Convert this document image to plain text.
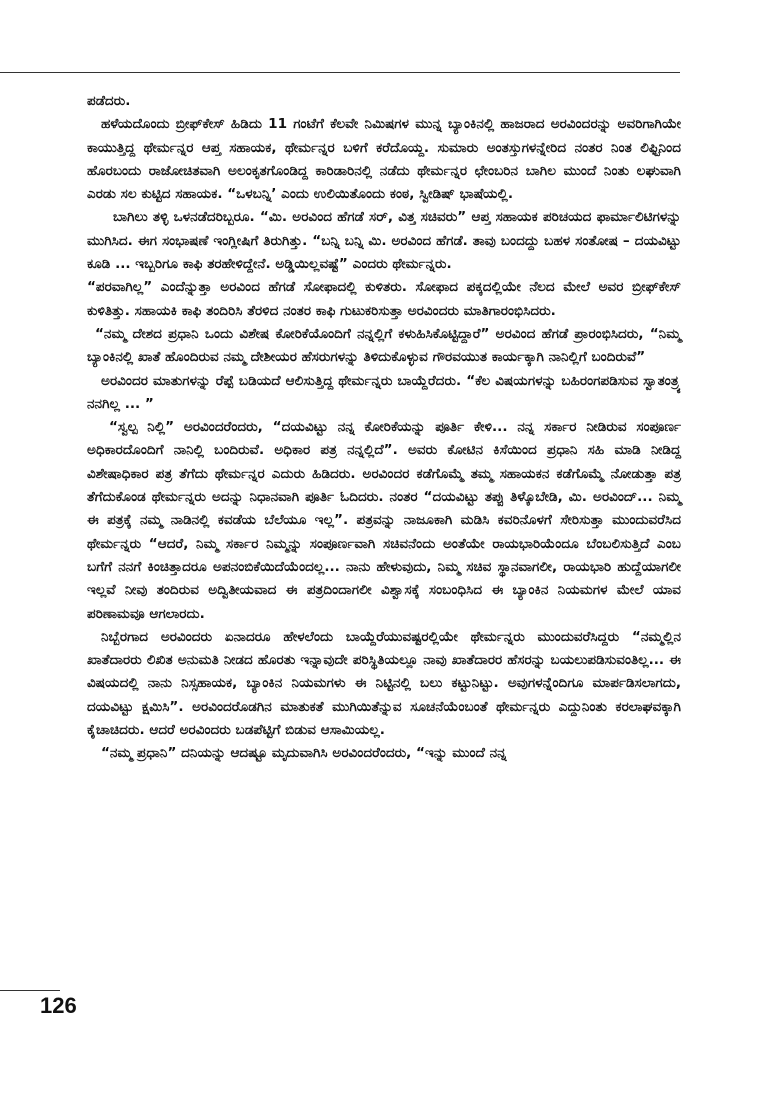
ಪಡೆದರು.

ಹಳೆಯದೊಂದು ಬ್ರೀಫ್‌ಕೇಸ್ ಹಿಡಿದು 11 ಗಂಟೆಗೆ ಕೆಲವೇ ನಿಮಿಷಗಳ ಮುನ್ನ ಬ್ಯಾಂಕಿನಲ್ಲಿ ಹಾಜರಾದ ಅರವಿಂದರನ್ನು ಅವರಿಗಾಗಿಯೇ ಕಾಯುತ್ತಿದ್ದ ಥೇರ್ಮನ್ನರ ಆಪ್ತ ಸಹಾಯಕ, ಥೇರ್ಮನ್ನರ ಬಳಿಗೆ ಕರೆದೊಯ್ದ. ಸುಮಾರು ಅಂತಸ್ತುಗಳನ್ನೇರಿದ ನಂತರ ನಿಂತ ಲಿಫ್ಟಿನಿಂದ ಹೊರಬಂದು ರಾಜೋಚಿತವಾಗಿ ಅಲಂಕೃತಗೊಂಡಿದ್ದ ಕಾರಿಡಾರಿನಲ್ಲಿ ನಡೆದು ಥೇರ್ಮನ್ನರ ಛೇಂಬರಿನ ಬಾಗಿಲ ಮುಂದೆ ನಿಂತು ಲಘುವಾಗಿ ಎರಡು ಸಲ ಕುಟ್ಟಿದ ಸಹಾಯಕ. “ಒಳಬನ್ನಿ’ ಎಂದು ಉಲಿಯಿತೊಂದು ಕಂಠ, ಸ್ವೀಡಿಷ್ ಭಾಷೆಯಲ್ಲಿ.

ಬಾಗಿಲು ತಳ್ಳಿ ಒಳನಡೆದರಿಬ್ಬರೂ. “ಮಿ. ಅರವಿಂದ ಹೆಗಡೆ ಸರ್, ವಿತ್ತ ಸಚಿವರು” ಆಪ್ತ ಸಹಾಯಕ ಪರಿಚಯದ ಫಾರ್ಮಾಲಿಟಿಗಳನ್ನು ಮುಗಿಸಿದ. ಈಗ ಸಂಭಾಷಣೆ ಇಂಗ್ಲೀಷಿಗೆ ತಿರುಗಿತ್ತು. “ಬನ್ನಿ ಬನ್ನಿ ಮಿ. ಅರವಿಂದ ಹೆಗಡೆ. ತಾವು ಬಂದದ್ದು ಬಹಳ ಸಂತೋಷ – ದಯವಿಟ್ಟು ಕೂಡಿ ... ಇಬ್ಬರಿಗೂ ಕಾಫಿ ತರಹೇಳಿದ್ದೇನೆ. ಅಡ್ಡಿಯಿಲ್ಲವಷ್ಟೆ” ಎಂದರು ಥೇರ್ಮನ್ನರು.

“ಪರವಾಗಿಲ್ಲ” ಎಂದೆನ್ನುತ್ತಾ ಅರವಿಂದ ಹೆಗಡೆ ಸೋಫಾದಲ್ಲಿ ಕುಳಿತರು. ಸೋಫಾದ ಪಕ್ಕದಲ್ಲಿಯೇ ನೆಲದ ಮೇಲೆ ಅವರ ಬ್ರೀಫ್‌ಕೇಸ್ ಕುಳಿತಿತ್ತು. ಸಹಾಯಕಿ ಕಾಫಿ ತಂದಿರಿಸಿ ತೆರಳಿದ ನಂತರ ಕಾಫಿ ಗುಟುಕರಿಸುತ್ತಾ ಅರವಿಂದರು ಮಾತಿಗಾರಂಭಿಸಿದರು.

“ನಮ್ಮ ದೇಶದ ಪ್ರಧಾನಿ ಒಂದು ವಿಶೇಷ ಕೋರಿಕೆಯೊಂದಿಗೆ ನನ್ನಲ್ಲಿಗೆ ಕಳುಹಿಸಿಕೊಟ್ಟಿದ್ದಾರೆ” ಅರವಿಂದ ಹೆಗಡೆ ಪ್ರಾರಂಭಿಸಿದರು, “ನಿಮ್ಮ ಬ್ಯಾಂಕಿನಲ್ಲಿ ಖಾತೆ ಹೊಂದಿರುವ ನಮ್ಮ ದೇಶೀಯರ ಹೆಸರುಗಳನ್ನು ತಿಳಿದುಕೊಳ್ಳುವ ಗೌರವಯುತ ಕಾರ್ಯಕ್ಕಾಗಿ ನಾನಿಲ್ಲಿಗೆ ಬಂದಿರುವೆ”

ಅರವಿಂದರ ಮಾತುಗಳನ್ನು ರೆಪ್ಪೆ ಬಡಿಯದೆ ಆಲಿಸುತ್ತಿದ್ದ ಥೇರ್ಮನ್ನರು ಬಾಯ್ದೆರೆದರು. “ಕೆಲ ವಿಷಯಗಳನ್ನು ಬಹಿರಂಗಪಡಿಸುವ ಸ್ವಾತಂತ್ರ್ಯ ನನಗಿಲ್ಲ ... ”

“ಸ್ವಲ್ಪ ನಿಲ್ಲಿ” ಅರವಿಂದರೆಂದರು, “ದಯವಿಟ್ಟು ನನ್ನ ಕೋರಿಕೆಯನ್ನು ಪೂರ್ತಿ ಕೇಳಿ... ನನ್ನ ಸರ್ಕಾರ ನೀಡಿರುವ ಸಂಪೂರ್ಣ ಅಧಿಕಾರದೊಂದಿಗೆ ನಾನಿಲ್ಲಿ ಬಂದಿರುವೆ. ಅಧಿಕಾರ ಪತ್ರ ನನ್ನಲ್ಲಿದೆ”. ಅವರು ಕೋಟಿನ ಕಿಸೆಯಿಂದ ಪ್ರಧಾನಿ ಸಹಿ ಮಾಡಿ ನೀಡಿದ್ದ ವಿಶೇಷಾಧಿಕಾರ ಪತ್ರ ತೆಗೆದು ಥೇರ್ಮನ್ನರ ಎದುರು ಹಿಡಿದರು. ಅರವಿಂದರ ಕಡೆಗೊಮ್ಮೆ ತಮ್ಮ ಸಹಾಯಕನ ಕಡೆಗೊಮ್ಮೆ ನೋಡುತ್ತಾ ಪತ್ರ ತೆಗೆದುಕೊಂಡ ಥೇರ್ಮನ್ನರು ಅದನ್ನು ನಿಧಾನವಾಗಿ ಪೂರ್ತಿ ಓದಿದರು. ನಂತರ “ದಯವಿಟ್ಟು ತಪ್ಪು ತಿಳ್ಕೊಬೇಡಿ, ಮಿ. ಅರವಿಂದ್... ನಿಮ್ಮ ಈ ಪತ್ರಕ್ಕೆ ನಮ್ಮ ನಾಡಿನಲ್ಲಿ ಕವಡೆಯ ಬೆಲೆಯೂ ಇಲ್ಲ”. ಪತ್ರವನ್ನು ನಾಜೂಕಾಗಿ ಮಡಿಸಿ ಕವರಿನೊಳಗೆ ಸೇರಿಸುತ್ತಾ ಮುಂದುವರೆಸಿದ ಥೇರ್ಮನ್ನರು “ಆದರೆ, ನಿಮ್ಮ ಸರ್ಕಾರ ನಿಮ್ಮನ್ನು ಸಂಪೂರ್ಣವಾಗಿ ಸಚಿವನೆಂದು ಅಂತೆಯೇ ರಾಯಭಾರಿಯೆಂದೂ ಬೆಂಬಲಿಸುತ್ತಿದೆ ಎಂಬ ಬಗೆಗೆ ನನಗೆ ಕಿಂಚಿತ್ತಾದರೂ ಅಪನಂಬಿಕೆಯಿದೆಯೆಂದಲ್ಲ... ನಾನು ಹೇಳುವುದು, ನಿಮ್ಮ ಸಚಿವ ಸ್ಥಾನವಾಗಲೀ, ರಾಯಭಾರಿ ಹುದ್ದೆಯಾಗಲೀ ಇಲ್ಲವೆ ನೀವು ತಂದಿರುವ ಅದ್ವಿತೀಯವಾದ ಈ ಪತ್ರದಿಂದಾಗಲೀ ವಿಶ್ವಾಸಕ್ಕೆ ಸಂಬಂಧಿಸಿದ ಈ ಬ್ಯಾಂಕಿನ ನಿಯಮಗಳ ಮೇಲೆ ಯಾವ ಪರಿಣಾಮವೂ ಆಗಲಾರದು.

ನಿಬ್ಬೆರಗಾದ ಅರವಿಂದರು ಏನಾದರೂ ಹೇಳಲೆಂದು ಬಾಯ್ದೆರೆಯುವಷ್ಟರಲ್ಲಿಯೇ ಥೇರ್ಮನ್ನರು ಮುಂದುವರೆಸಿದ್ದರು “ನಮ್ಮಲ್ಲಿನ ಖಾತೆದಾರರು ಲಿಖಿತ ಅನುಮತಿ ನೀಡದ ಹೊರತು ಇನ್ನಾವುದೇ ಪರಿಸ್ಥಿತಿಯಲ್ಲೂ ನಾವು ಖಾತೆದಾರರ ಹೆಸರನ್ನು ಬಯಲುಪಡಿಸುವಂತಿಲ್ಲ... ಈ ವಿಷಯದಲ್ಲಿ ನಾನು ನಿಸ್ಸಹಾಯಕ, ಬ್ಯಾಂಕಿನ ನಿಯಮಗಳು ಈ ನಿಟ್ಟಿನಲ್ಲಿ ಬಲು ಕಟ್ಟುನಿಟ್ಟು. ಅವುಗಳನ್ನೆಂದಿಗೂ ಮಾರ್ಪಡಿಸಲಾಗದು, ದಯವಿಟ್ಟು ಕ್ಷಮಿಸಿ”. ಅರವಿಂದರೊಡಗಿನ ಮಾತುಕತೆ ಮುಗಿಯಿತೆನ್ನುವ ಸೂಚನೆಯೆಂಬಂತೆ ಥೇರ್ಮನ್ನರು ಎದ್ದುನಿಂತು ಕರಲಾಘವಕ್ಕಾಗಿ ಕೈಚಾಚಿದರು. ಆದರೆ ಅರವಿಂದರು ಬಡಪೆಟ್ಟಿಗೆ ಬಿಡುವ ಆಸಾಮಿಯಲ್ಲ.

“ನಮ್ಮ ಪ್ರಧಾನಿ” ದನಿಯನ್ನು ಆದಷ್ಟೂ ಮೃದುವಾಗಿಸಿ ಅರವಿಂದರೆಂದರು, “ಇನ್ನು ಮುಂದೆ ನನ್ನ

126
